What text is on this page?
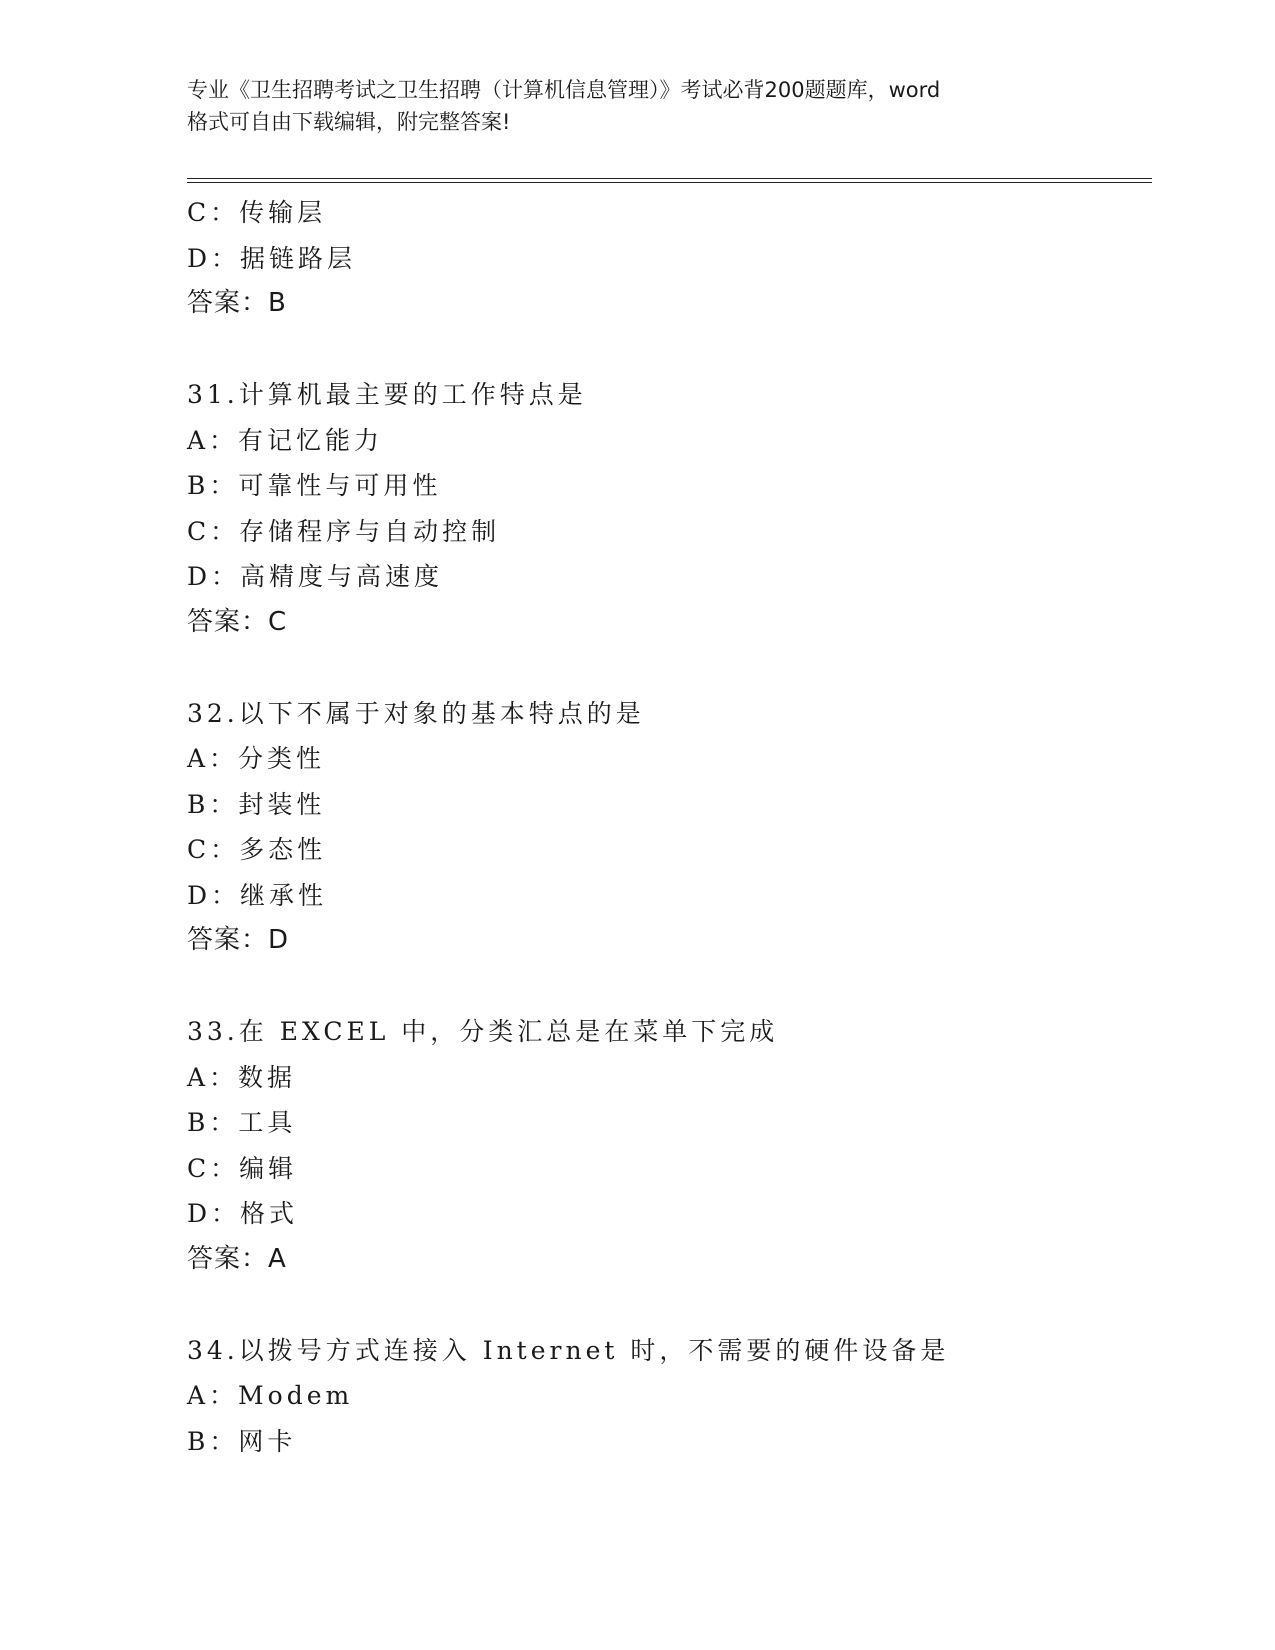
专业《卫生招聘考试之卫生招聘（计算机信息管理）》考试必背200题题库，word
格式可自由下载编辑，附完整答案!
C：传输层
D：据链路层
答案：B
31.计算机最主要的工作特点是
A：有记忆能力
B：可靠性与可用性
C：存储程序与自动控制
D：高精度与高速度
答案：C
32.以下不属于对象的基本特点的是
A：分类性
B：封装性
C：多态性
D：继承性
答案：D
33.在 EXCEL 中，分类汇总是在菜单下完成
A：数据
B：工具
C：编辑
D：格式
答案：A
34.以拨号方式连接入 Internet 时，不需要的硬件设备是
A：Modem
B：网卡
